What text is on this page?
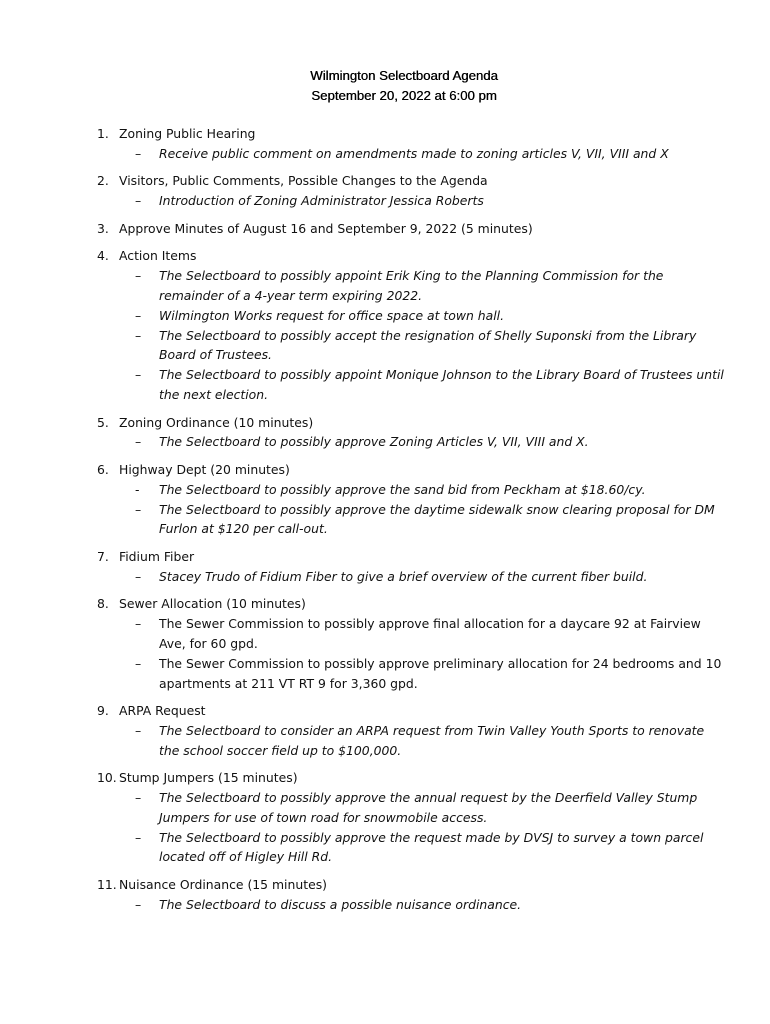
Wilmington Selectboard Agenda
September 20, 2022 at 6:00 pm
1. Zoning Public Hearing
–	Receive public comment on amendments made to zoning articles V, VII, VIII and X
2. Visitors, Public Comments, Possible Changes to the Agenda
–	Introduction of Zoning Administrator Jessica Roberts
3. Approve Minutes of August 16 and September 9, 2022 (5 minutes)
4. Action Items
–	The Selectboard to possibly appoint Erik King to the Planning Commission for the remainder of a 4-year term expiring 2022.
–	Wilmington Works request for office space at town hall.
–	The Selectboard to possibly accept the resignation of Shelly Suponski from the Library Board of Trustees.
–	The Selectboard to possibly appoint Monique Johnson to the Library Board of Trustees until the next election.
5. Zoning Ordinance (10 minutes)
–	The Selectboard to possibly approve Zoning Articles V, VII, VIII and X.
6. Highway Dept (20 minutes)
-	The Selectboard to possibly approve the sand bid from Peckham at $18.60/cy.
–	The Selectboard to possibly approve the daytime sidewalk snow clearing proposal for DM Furlon at $120 per call-out.
7. Fidium Fiber
–	Stacey Trudo of Fidium Fiber to give a brief overview of the current fiber build.
8. Sewer Allocation (10 minutes)
–	The Sewer Commission to possibly approve final allocation for a daycare 92 at Fairview Ave, for 60 gpd.
–	The Sewer Commission to possibly approve preliminary allocation for 24 bedrooms and 10 apartments at 211 VT RT 9 for 3,360 gpd.
9. ARPA Request
–	The Selectboard to consider an ARPA request from Twin Valley Youth Sports to renovate the school soccer field up to $100,000.
10. Stump Jumpers (15 minutes)
–	The Selectboard to possibly approve the annual request by the Deerfield Valley Stump Jumpers for use of town road for snowmobile access.
–	The Selectboard to possibly approve the request made by DVSJ to survey a town parcel located off of Higley Hill Rd.
11. Nuisance Ordinance (15 minutes)
–	The Selectboard to discuss a possible nuisance ordinance.
